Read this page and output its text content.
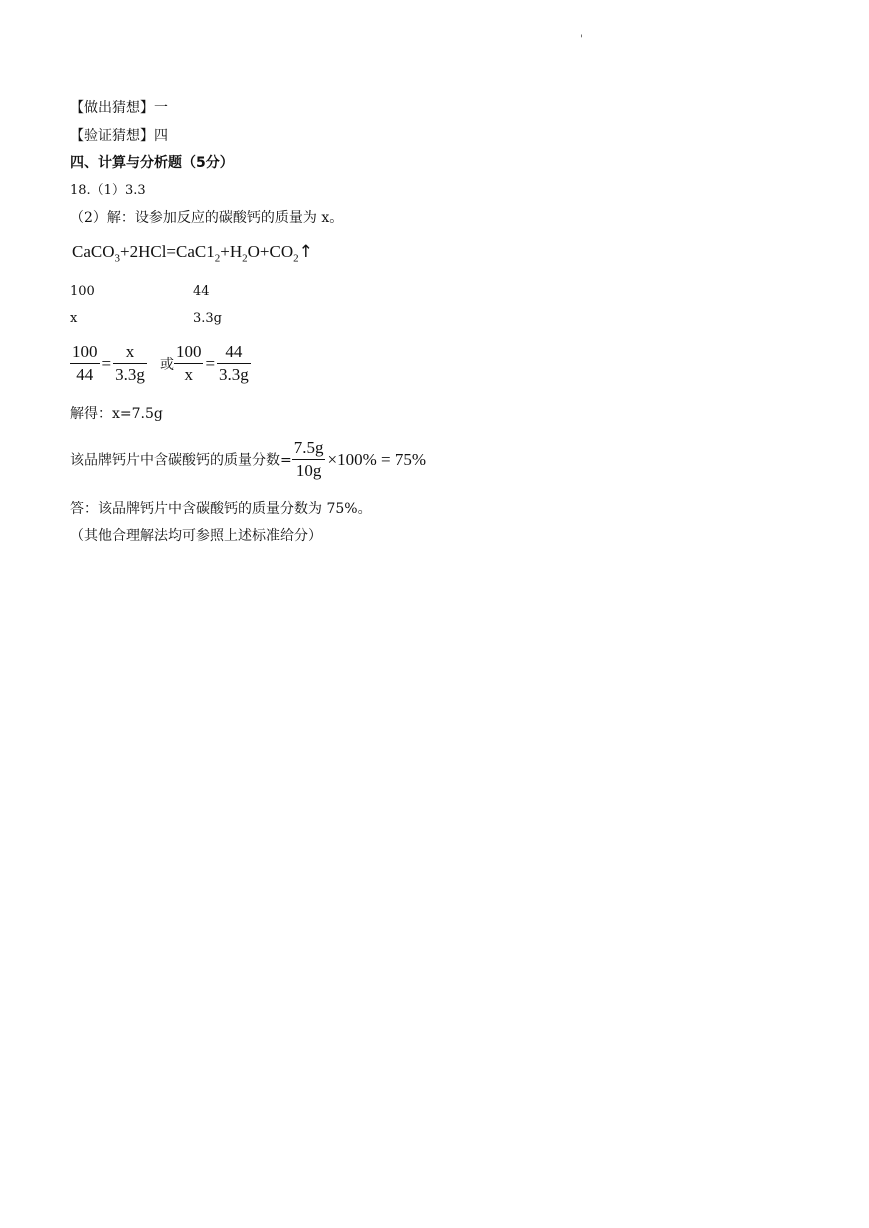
'
【做出猜想】一
【验证猜想】四
四、计算与分析题（5分）
18.（1）3.3
（2）解：设参加反应的碳酸钙的质量为 x。
$CaCO_3+2HCl=CaC1_2+H_2O+CO_2↑$
100	44
x	3.3g
$\frac{100}{44} = \frac{x}{3.3g}$ 或 $\frac{100}{x} = \frac{44}{3.3g}$
解得：x=7.5g
该品牌钙片中含碳酸钙的质量分数= $\frac{7.5g}{10g} \times 100\% = 75\%$
答：该品牌钙片中含碳酸钙的质量分数为 75%。
（其他合理解法均可参照上述标准给分）
